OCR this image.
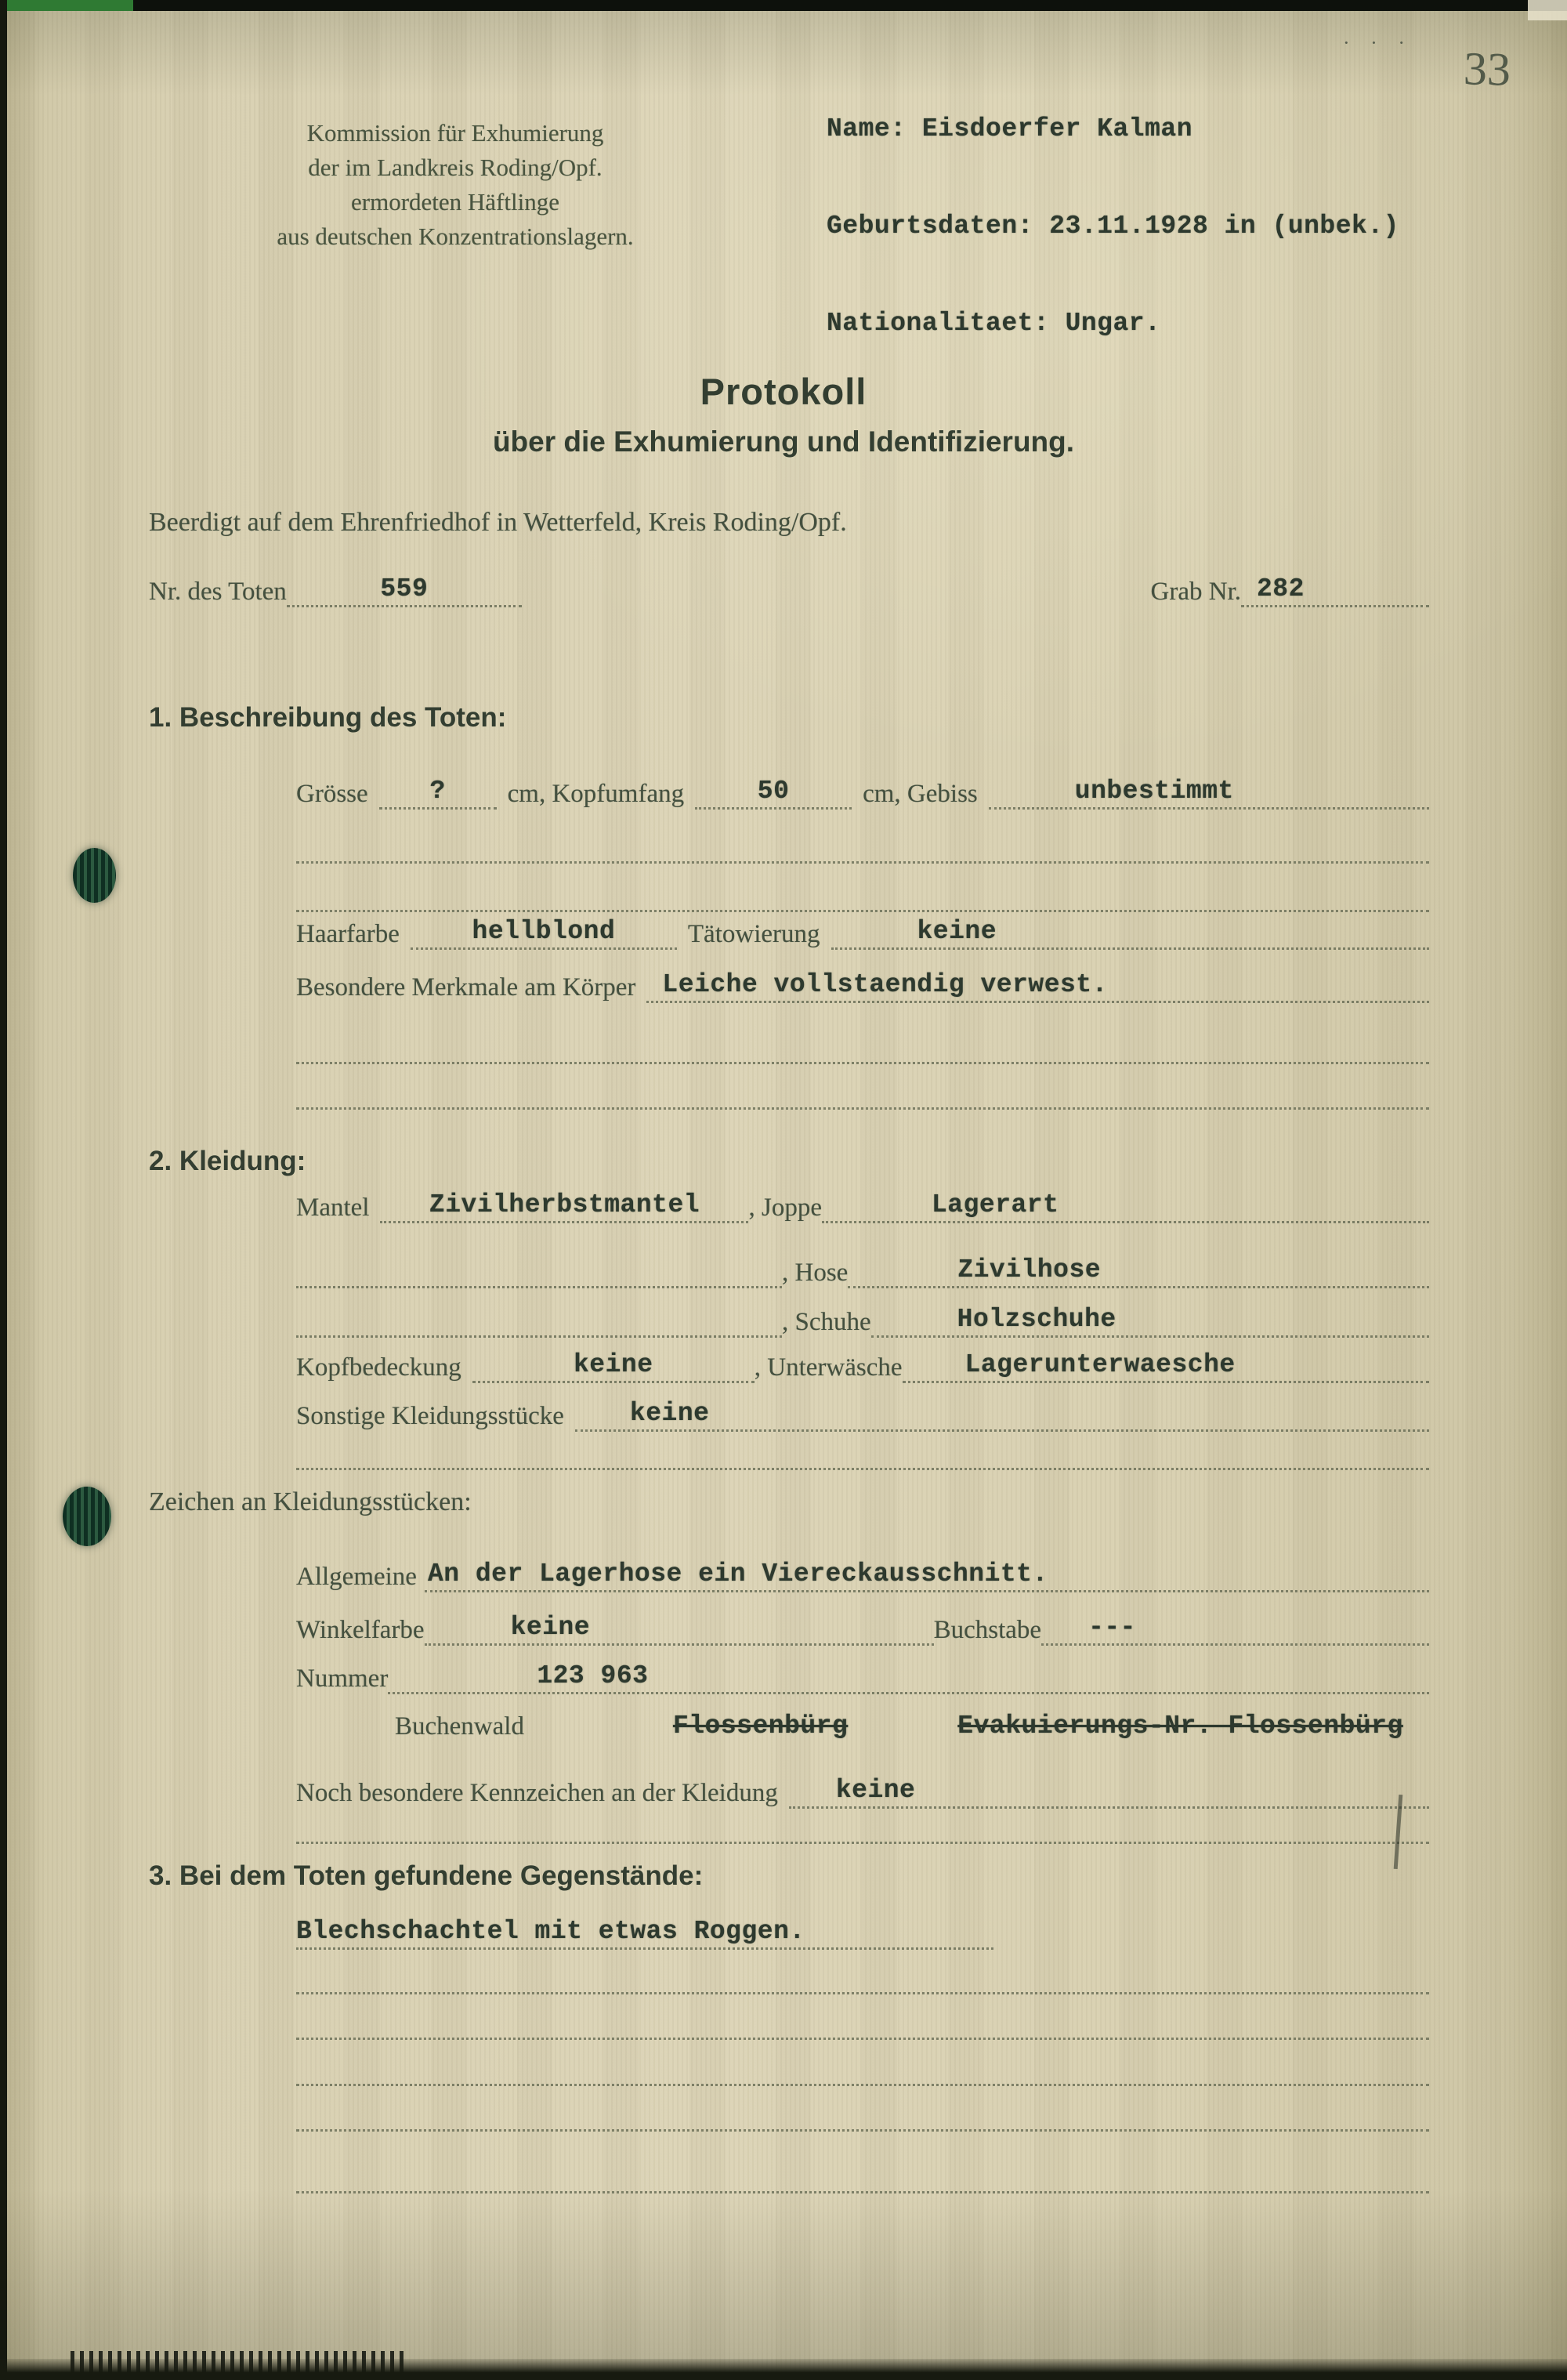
Kommission für Exhumierung
der im Landkreis Roding/Opf.
ermordeten Häftlinge
aus deutschen Konzentrationslagern.

Name: Eisdoerfer Kalman

Geburtsdaten: 23.11.1928 in (unbek.)

Nationalitaet: Ungar.

· · · 33
Protokoll
über die Exhumierung und Identifizierung.
Beerdigt auf dem Ehrenfriedhof in Wetterfeld, Kreis Roding/Opf.
Nr. des Toten	559	Grab Nr. 282
1. Beschreibung des Toten:
Grösse	?	cm, Kopfumfang	50	cm, Gebiss	unbestimmt
Haarfarbe	hellblond	Tätowierung	keine
Besondere Merkmale am Körper	Leiche vollstaendig verwest.
2. Kleidung:
Mantel	Zivilherbstmantel	, Joppe	Lagerart
, Hose	Zivilhose
, Schuhe	Holzschuhe
Kopfbedeckung	keine	, Unterwäsche	Lagerunterwaesche
Sonstige Kleidungsstücke	keine
Zeichen an Kleidungsstücken:
Allgemeine An der Lagerhose ein Viereckausschnitt.
Winkelfarbe	keine	Buchstabe	---
Nummer	123 963
Buchenwald	Flossenbürg	Evakuierungs-Nr. Flossenbürg
Noch besondere Kennzeichen an der Kleidung	keine
3. Bei dem Toten gefundene Gegenstände:
Blechschachtel mit etwas Roggen.
